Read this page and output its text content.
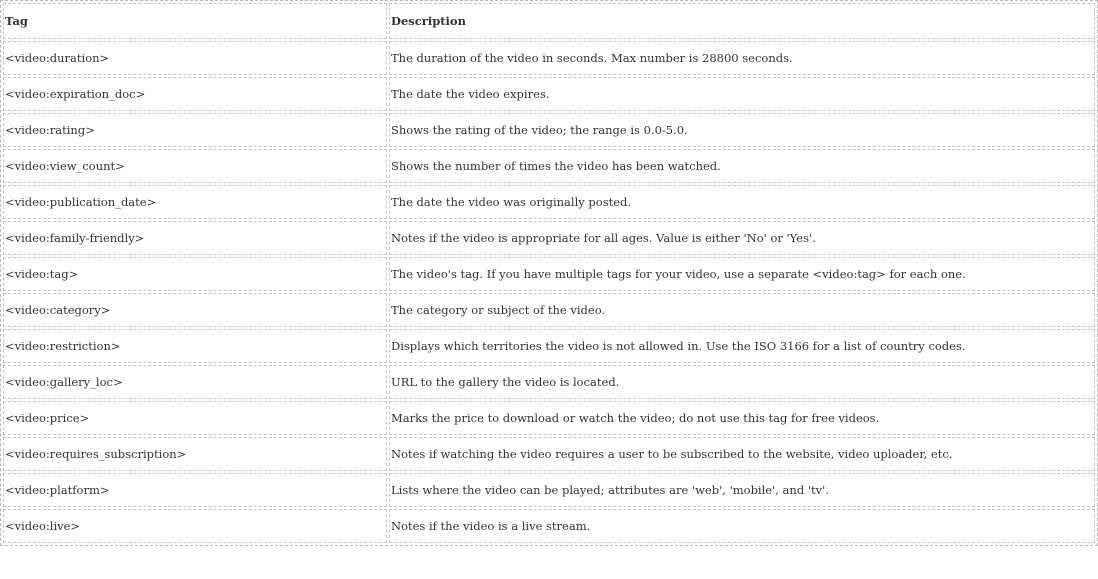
Tag	Description
<video:duration>	The duration of the video in seconds. Max number is 28800 seconds.
<video:expiration_doc>	The date the video expires.
<video:rating>	Shows the rating of the video; the range is 0.0-5.0.
<video:view_count>	Shows the number of times the video has been watched.
<video:publication_date>	The date the video was originally posted.
<video:family-friendly>	Notes if the video is appropriate for all ages. Value is either 'No' or 'Yes'.
<video:tag>	The video's tag. If you have multiple tags for your video, use a separate <video:tag> for each one.
<video:category>	The category or subject of the video.
<video:restriction>	Displays which territories the video is not allowed in. Use the ISO 3166 for a list of country codes.
<video:gallery_loc>	URL to the gallery the video is located.
<video:price>	Marks the price to download or watch the video; do not use this tag for free videos.
<video:requires_subscription>	Notes if watching the video requires a user to be subscribed to the website, video uploader, etc.
<video:platform>	Lists where the video can be played; attributes are 'web', 'mobile', and 'tv'.
<video:live>	Notes if the video is a live stream.
